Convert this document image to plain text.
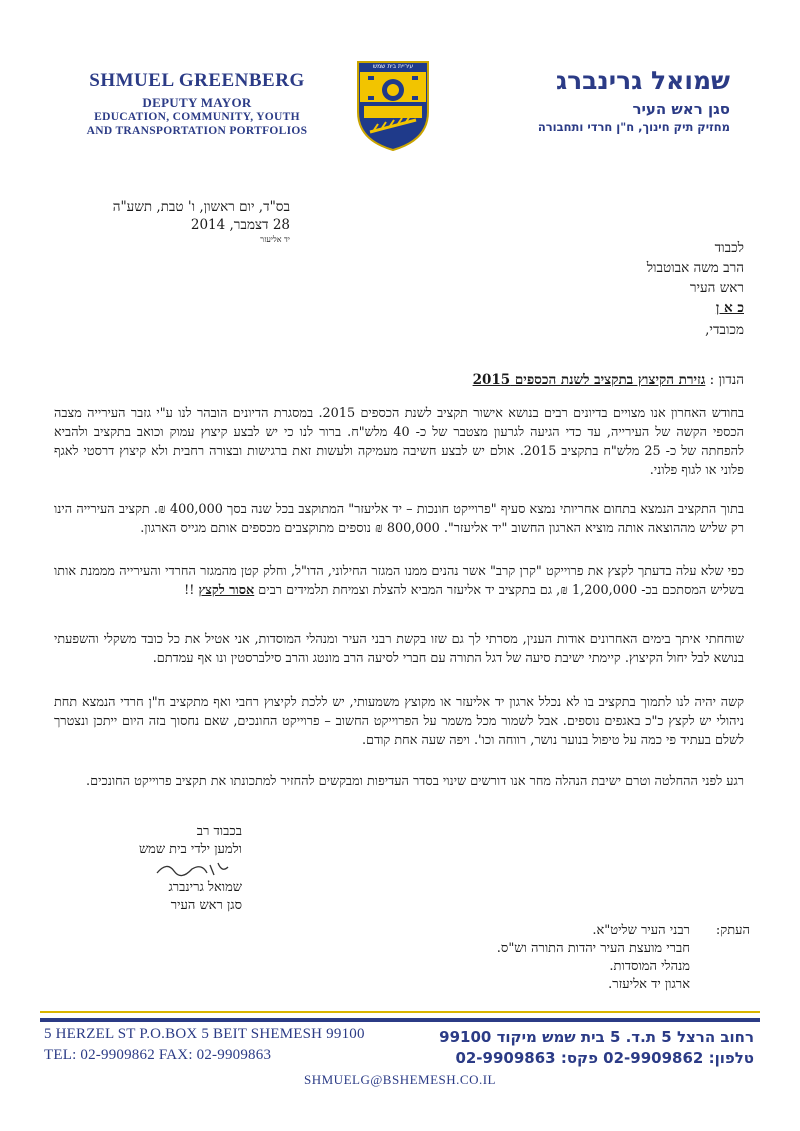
SHMUEL GREENBERG
DEPUTY MAYOR
EDUCATION, COMMUNITY, YOUTH
AND TRANSPORTATION PORTFOLIOS
עיריית בית שמש	שמואל גרינברג
סגן ראש העיר
מחזיק תיק חינוך, ח"ן חרדי ותחבורה
בס"ד, יום ראשון, ו' טבת, תשע"ה
28 דצמבר, 2014
יד אליעזר
לכבוד
הרב משה אבוטבול
ראש העיר
כ א ן
מכובדי,
הנדון : גזירת הקיצוץ בתקציב לשנת הכספים 2015
בחודש האחרון אנו מצויים בדיונים רבים בנושא אישור תקציב לשנת הכספים 2015. במסגרת הדיונים הובהר לנו ע"י גזבר העירייה מצבה הכספי הקשה של העירייה, עד כדי הגיעה לגרעון מצטבר של כ- 40 מלש"ח. ברור לנו כי יש לבצע קיצוץ עמוק וכואב בתקציב ולהביא להפחתה של כ- 25 מלש"ח בתקציב 2015. אולם יש לבצע חשיבה מעמיקה ולעשות זאת ברגישות ובצורה רחבית ולא קיצוץ דרסטי לאגף פלוני או לגוף פלוני.
בתוך התקציב הנמצא בתחום אחריותי נמצא סעיף "פרוייקט חונכות – יד אליעזר" המתוקצב בכל שנה בסך 400,000 ₪. תקציב העירייה הינו רק שליש מההוצאה אותה מוציא הארגון החשוב "יד אליעזר". 800,000 ₪ נוספים מתוקצבים מכספים אותם מגייס הארגון.
כפי שלא עלה בדעתך לקצץ את פרוייקט "קרן קרב" אשר נהנים ממנו המגזר החילוני, הדו"ל, וחלק קטן מהמגזר החרדי והעירייה מממנת אותו בשליש המסתכם בכ- 1,200,000 ₪, גם בתקציב יד אליעזר המביא להצלת וצמיחת תלמידים רבים אסור לקצץ !!
שוחחתי איתך בימים האחרונים אודות הענין, מסרתי לך גם שזו בקשת רבני העיר ומנהלי המוסדות, אני אטיל את כל כובד משקלי והשפעתי בנושא לבל יחול הקיצוץ. קיימתי ישיבת סיעה של דגל התורה עם חברי לסיעה הרב מונטג והרב סילברסטין ונו אף עמדתם.
קשה יהיה לנו לתמוך בתקציב בו לא נכלל ארגון יד אליעזר או מקוצץ משמעותי, יש ללכת לקיצוץ רחבי ואף מתקציב ח"ן חרדי הנמצא תחת ניהולי יש לקצץ כ"כ באגפים נוספים. אבל לשמור מכל משמר על הפרוייקט החשוב – פרוייקט החונכים, שאם נחסוך בזה היום ייתכן ונצטרך לשלם בעתיד פי כמה על טיפול בנוער נושר, רווחה וכו'. ויפה שעה אחת קודם.
רגע לפני ההחלטה וטרם ישיבת הנהלה מחר אנו דורשים שינוי בסדר העדיפות ומבקשים להחזיר למתכונתו את תקציב פרוייקט החונכים.
בכבוד רב
ולמען ילדי בית שמש
שמואל גרינברג
סגן ראש העיר
העתק:
רבני העיר שליט"א.
חברי מועצת העיר יהדות התורה וש"ס.
מנהלי המוסדות.
ארגון יד אליעזר.
5 HERZEL ST P.O.BOX 5 BEIT SHEMESH 99100
TEL: 02-9909862 FAX: 02-9909863
רחוב הרצל 5 ת.ד. 5 בית שמש מיקוד 99100
טלפון: 02-9909862 פקס: 02-9909863
SHMUELG@BSHEMESH.CO.IL
